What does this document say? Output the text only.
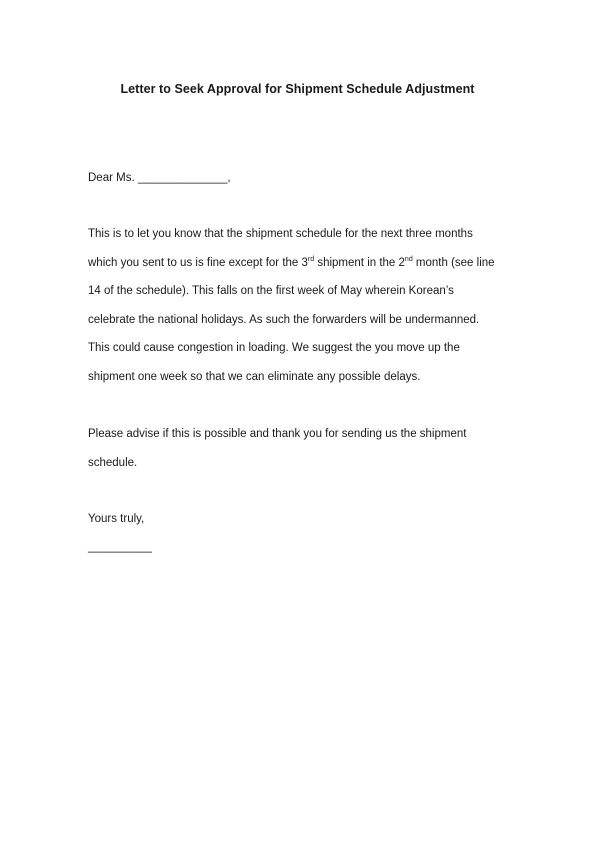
Letter to Seek Approval for Shipment Schedule Adjustment
Dear Ms. ______________,
This is to let you know that the shipment schedule for the next three months
which you sent to us is fine except for the 3rd shipment in the 2nd month (see line
14 of the schedule). This falls on the first week of May wherein Korean’s
celebrate the national holidays. As such the forwarders will be undermanned.
This could cause congestion in loading. We suggest the you move up the
shipment one week so that we can eliminate any possible delays.
Please advise if this is possible and thank you for sending us the shipment
schedule.
Yours truly,
__________
